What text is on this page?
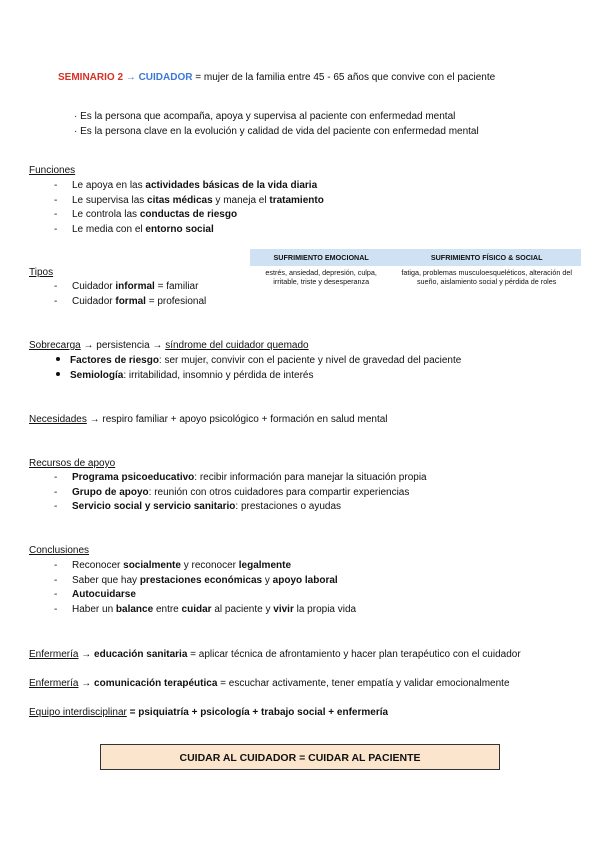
SEMINARIO 2 → CUIDADOR = mujer de la familia entre 45 - 65 años que convive con el paciente
· Es la persona que acompaña, apoya y supervisa al paciente con enfermedad mental
· Es la persona clave en la evolución y calidad de vida del paciente con enfermedad mental
Funciones
- Le apoya en las actividades básicas de la vida diaria
- Le supervisa las citas médicas y maneja el tratamiento
- Le controla las conductas de riesgo
- Le media con el entorno social
SUFRIMIENTO EMOCIONAL	SUFRIMIENTO FÍSICO & SOCIAL
estrés, ansiedad, depresión, culpa, irritable, triste y desesperanza	fatiga, problemas musculoesqueléticos, alteración del sueño, aislamiento social y pérdida de roles
Tipos
- Cuidador informal = familiar
- Cuidador formal = profesional
Sobrecarga → persistencia → síndrome del cuidador quemado
Factores de riesgo: ser mujer, convivir con el paciente y nivel de gravedad del paciente
Semiología: irritabilidad, insomnio y pérdida de interés
Necesidades → respiro familiar + apoyo psicológico + formación en salud mental
Recursos de apoyo
- Programa psicoeducativo: recibir información para manejar la situación propia
- Grupo de apoyo: reunión con otros cuidadores para compartir experiencias
- Servicio social y servicio sanitario: prestaciones o ayudas
Conclusiones
- Reconocer socialmente y reconocer legalmente
- Saber que hay prestaciones económicas y apoyo laboral
- Autocuidarse
- Haber un balance entre cuidar al paciente y vivir la propia vida
Enfermería → educación sanitaria = aplicar técnica de afrontamiento y hacer plan terapéutico con el cuidador
Enfermería → comunicación terapéutica = escuchar activamente, tener empatía y validar emocionalmente
Equipo interdisciplinar = psiquiatría + psicología + trabajo social + enfermería
CUIDAR AL CUIDADOR = CUIDAR AL PACIENTE
